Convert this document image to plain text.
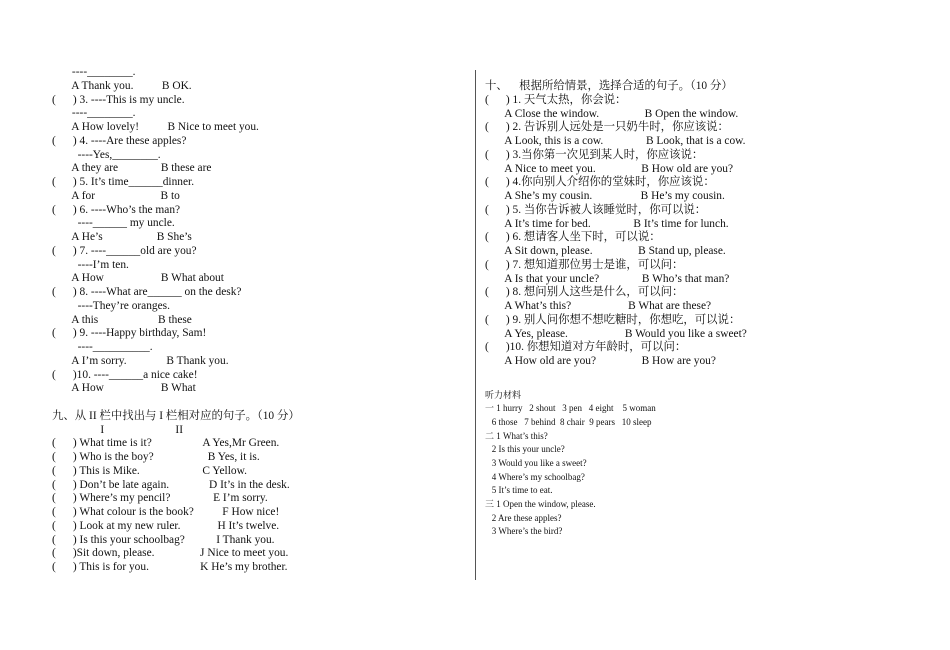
----________.
A Thank you.          B OK.
(      ) 3. ----This is my uncle.
----________.
A How lovely!          B Nice to meet you.
(      ) 4. ----Are these apples?
----Yes,________.
A they are               B these are
(      ) 5. It’s time______dinner.
A for                       B to
(      ) 6. ----Who’s the man?
----______ my uncle.
A He’s                   B She’s
(      ) 7. ----______old are you?
----I’m ten.
A How                    B What about
(      ) 8. ----What are______ on the desk?
----They’re oranges.
A this                     B these
(      ) 9. ----Happy birthday, Sam!
----__________.
A I’m sorry.              B Thank you.
(      )10. ----______a nice cake!
A How                    B What
九、从 II 栏中找出与 I 栏相对应的句子。（10 分）
I                         II
(      ) What time is it?                  A Yes,Mr Green.
(      ) Who is the boy?                   B Yes, it is.
(      ) This is Mike.                      C Yellow.
(      ) Don’t be late again.              D It’s in the desk.
(      ) Where’s my pencil?               E I’m sorry.
(      ) What colour is the book?          F How nice!
(      ) Look at my new ruler.             H It’s twelve.
(      ) Is this your schoolbag?           I Thank you.
(      )Sit down, please.                J Nice to meet you.
(      ) This is for you.                  K He’s my brother.
十、    根据所给情景，选择合适的句子。（10 分）
(      ) 1. 天气太热，你会说：
A Close the window.                B Open the window.
(      ) 2. 告诉别人远处是一只奶牛时，你应该说：
A Look, this is a cow.               B Look, that is a cow.
(      ) 3.当你第一次见到某人时，你应该说：
A Nice to meet you.                B How old are you?
(      ) 4.你向别人介绍你的堂妹时，你应该说：
A She’s my cousin.                 B He’s my cousin.
(      ) 5. 当你告诉被人该睡觉时，你可以说：
A It’s time for bed.               B It’s time for lunch.
(      ) 6. 想请客人坐下时，可以说：
A Sit down, please.                B Stand up, please.
(      ) 7. 想知道那位男士是谁，可以问：
A Is that your uncle?               B Who’s that man?
(      ) 8. 想问别人这些是什么，可以问：
A What’s this?                    B What are these?
(      ) 9. 别人问你想不想吃糖时，你想吃，可以说：
A Yes, please.                    B Would you like a sweet?
(      )10. 你想知道对方年龄时，可以问：
A How old are you?                B How are you?
听力材料
一 1 hurry   2 shout   3 pen   4 eight    5 woman
6 those   7 behind  8 chair  9 pears   10 sleep
二 1 What’s this?
2 Is this your uncle?
3 Would you like a sweet?
4 Where’s my schoolbag?
5 It’s time to eat.
三 1 Open the window, please.
2 Are these apples?
3 Where’s the bird?
